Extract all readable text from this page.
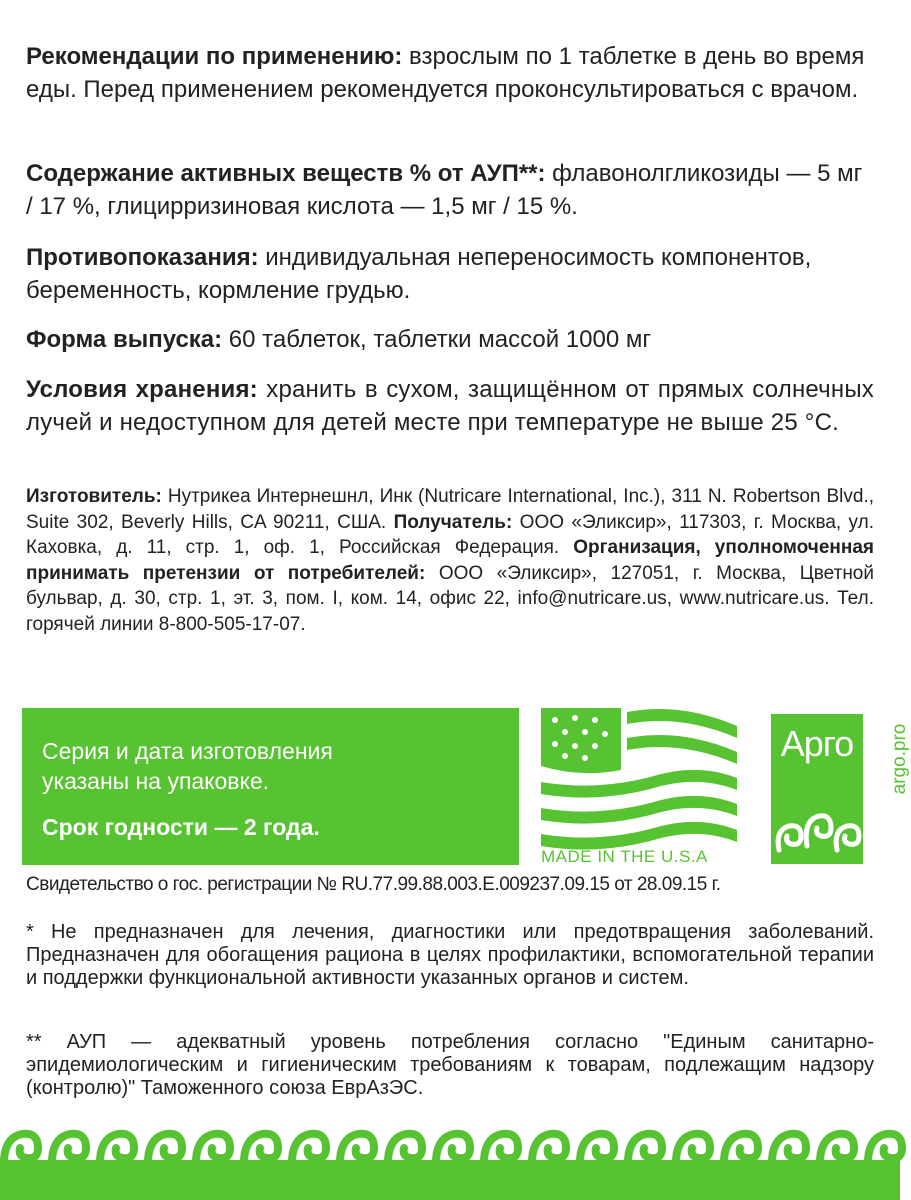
Рекомендации по применению: взрослым по 1 таблетке в день во время еды. Перед применением рекомендуется проконсультироваться с врачом.
Содержание активных веществ % от АУП**: флавонолгликозиды — 5 мг / 17 %, глицирризиновая кислота — 1,5 мг / 15 %.
Противопоказания: индивидуальная непереносимость компонентов, беременность, кормление грудью.
Форма выпуска: 60 таблеток, таблетки массой 1000 мг
Условия хранения: хранить в сухом, защищённом от прямых солнечных лучей и недоступном для детей месте при температуре не выше 25 °C.
Изготовитель: Нутрикеа Интернешнл, Инк (Nutricare International, Inc.), 311 N. Robertson Blvd., Suite 302, Beverly Hills, CA 90211, США. Получатель: ООО «Эликсир», 117303, г. Москва, ул. Каховка, д. 11, стр. 1, оф. 1, Российская Федерация. Организация, уполномоченная принимать претензии от потребителей: ООО «Эликсир», 127051, г. Москва, Цветной бульвар, д. 30, стр. 1, эт. 3, пом. I, ком. 14, офис 22, info@nutricare.us, www.nutricare.us. Тел. горячей линии 8-800-505-17-07.
Серия и дата изготовления
указаны на упаковке.
Срок годности — 2 года.
MADE IN THE U.S.A
Арго	argo.pro
Свидетельство о гос. регистрации № RU.77.99.88.003.E.009237.09.15 от 28.09.15 г.
* Не предназначен для лечения, диагностики или предотвращения заболеваний. Предназначен для обогащения рациона в целях профилактики, вспомогательной терапии и поддержки функциональной активности указанных органов и систем.
** АУП — адекватный уровень потребления согласно "Единым санитарно-эпидемиологическим и гигиеническим требованиям к товарам, подлежащим надзору (контролю)" Таможенного союза ЕврАзЭС.
